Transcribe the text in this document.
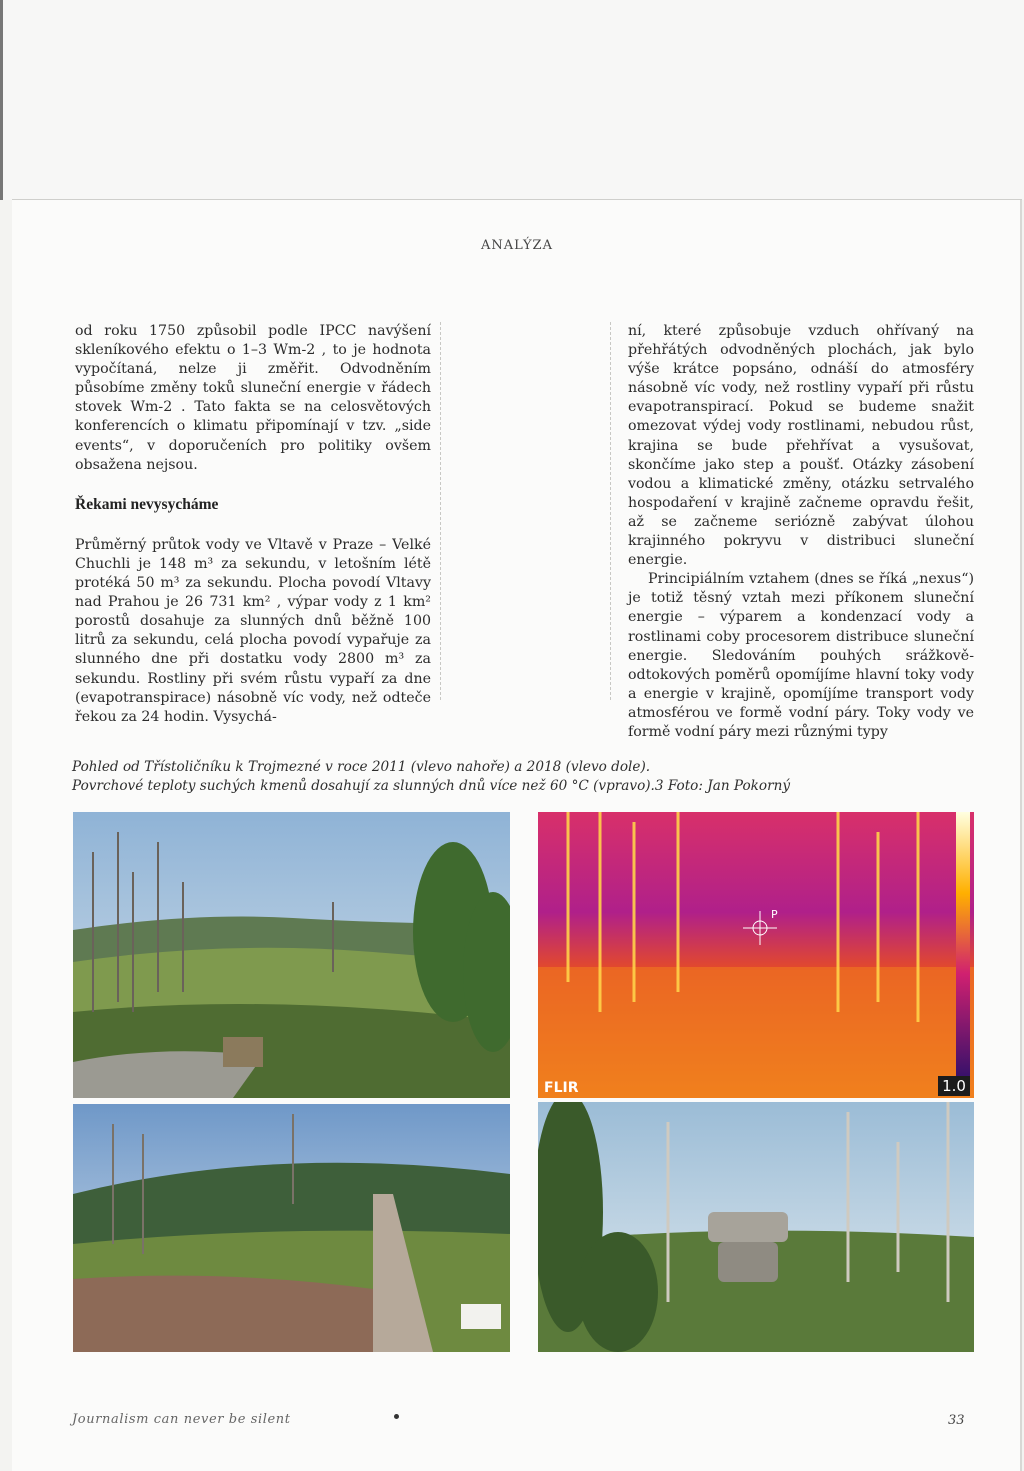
ANALÝZA

od roku 1750 způsobil podle IPCC navýšení skleníkového efektu o 1–3 Wm-2 , to je hodnota vypočítaná, nelze ji změřit. Odvodněním působíme změny toků sluneční energie v řádech stovek Wm-2 . Tato fakta se na celosvětových konferencích o klimatu připomínají v tzv. „side events“, v doporučeních pro politiky ovšem obsažena nejsou.

Řekami nevysycháme

Průměrný průtok vody ve Vltavě v Praze – Velké Chuchli je 148 m³ za sekundu, v letošním létě protéká 50 m³ za sekundu. Plocha povodí Vltavy nad Prahou je 26 731 km² , výpar vody z 1 km² porostů dosahuje za slunných dnů běžně 100 litrů za sekundu, celá plocha povodí vypařuje za slunného dne při dostatku vody 2800 m³ za sekundu. Rostliny při svém růstu vypaří za dne (evapotranspirace) násobně víc vody, než odteče řekou za 24 hodin. Vysychá-

ní, které způsobuje vzduch ohřívaný na přehřátých odvodněných plochách, jak bylo výše krátce popsáno, odnáší do atmosféry násobně víc vody, než rostliny vypaří při růstu evapotranspirací. Pokud se budeme snažit omezovat výdej vody rostlinami, nebudou růst, krajina se bude přehřívat a vysušovat, skončíme jako step a poušť. Otázky zásobení vodou a klimatické změny, otázku setrvalého hospodaření v krajině začneme opravdu řešit, až se začneme seriózně zabývat úlohou krajinného pokryvu v distribuci sluneční energie.

Principiálním vztahem (dnes se říká „nexus“) je totiž těsný vztah mezi příkonem sluneční energie – výparem a kondenzací vody a rostlinami coby procesorem distribuce sluneční energie. Sledováním pouhých srážkově-odtokových poměrů opomíjíme hlavní toky vody a energie v krajině, opomíjíme transport vody atmosférou ve formě vodní páry. Toky vody ve formě vodní páry mezi různými typy

Pohled od Třístoličníku k Trojmezné v roce 2011 (vlevo nahoře) a 2018 (vlevo dole).
Povrchové teploty suchých kmenů dosahují za slunných dnů více než 60 °C (vpravo).3 Foto: Jan Pokorný
P
FLIR	1.0
Journalism can never be silent	33
